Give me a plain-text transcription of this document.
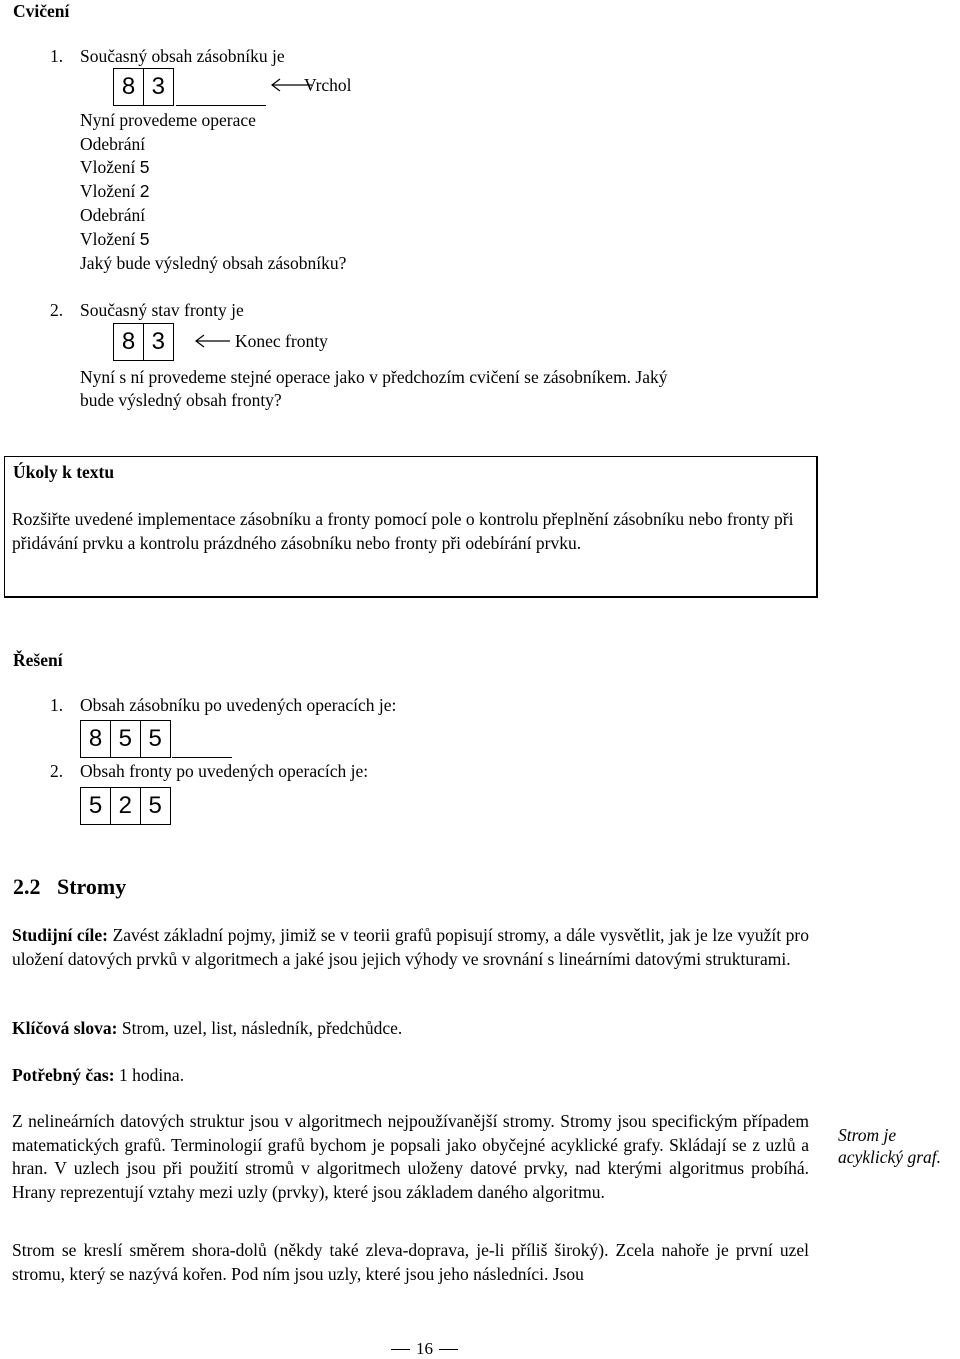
Cvičení
1. Současný obsah zásobníku je
8 3	Vrchol
Nyní provedeme operace
Odebrání
Vložení 5
Vložení 2
Odebrání
Vložení 5
Jaký bude výsledný obsah zásobníku?
2. Současný stav fronty je
8 3	Konec fronty
Nyní s ní provedeme stejné operace jako v předchozím cvičení se zásobníkem. Jaký
bude výsledný obsah fronty?
Úkoly k textu
Rozšiřte uvedené implementace zásobníku a fronty pomocí pole o kontrolu přeplnění zásobníku nebo fronty při přidávání prvku a kontrolu prázdného zásobníku nebo fronty při odebírání prvku.
Řešení
1. Obsah zásobníku po uvedených operacích je:
8 5 5
2. Obsah fronty po uvedených operacích je:
5 2 5
2.2 Stromy
Studijní cíle: Zavést základní pojmy, jimiž se v teorii grafů popisují stromy, a dále vysvětlit, jak je lze využít pro uložení datových prvků v algoritmech a jaké jsou jejich výhody ve srovnání s lineárními datovými strukturami.
Klíčová slova: Strom, uzel, list, následník, předchůdce.
Potřebný čas: 1 hodina.
Z nelineárních datových struktur jsou v algoritmech nejpoužívanější stromy. Stromy jsou specifickým případem matematických grafů. Terminologií grafů bychom je popsali jako obyčejné acyklické grafy. Skládají se z uzlů a hran. V uzlech jsou při použití stromů v algoritmech uloženy datové prvky, nad kterými algoritmus probíhá. Hrany reprezentují vztahy mezi uzly (prvky), které jsou základem daného algoritmu.
Strom se kreslí směrem shora-dolů (někdy také zleva-doprava, je-li příliš široký). Zcela nahoře je první uzel stromu, který se nazývá kořen. Pod ním jsou uzly, které jsou jeho následníci. Jsou
Strom je acyklický graf.
16
